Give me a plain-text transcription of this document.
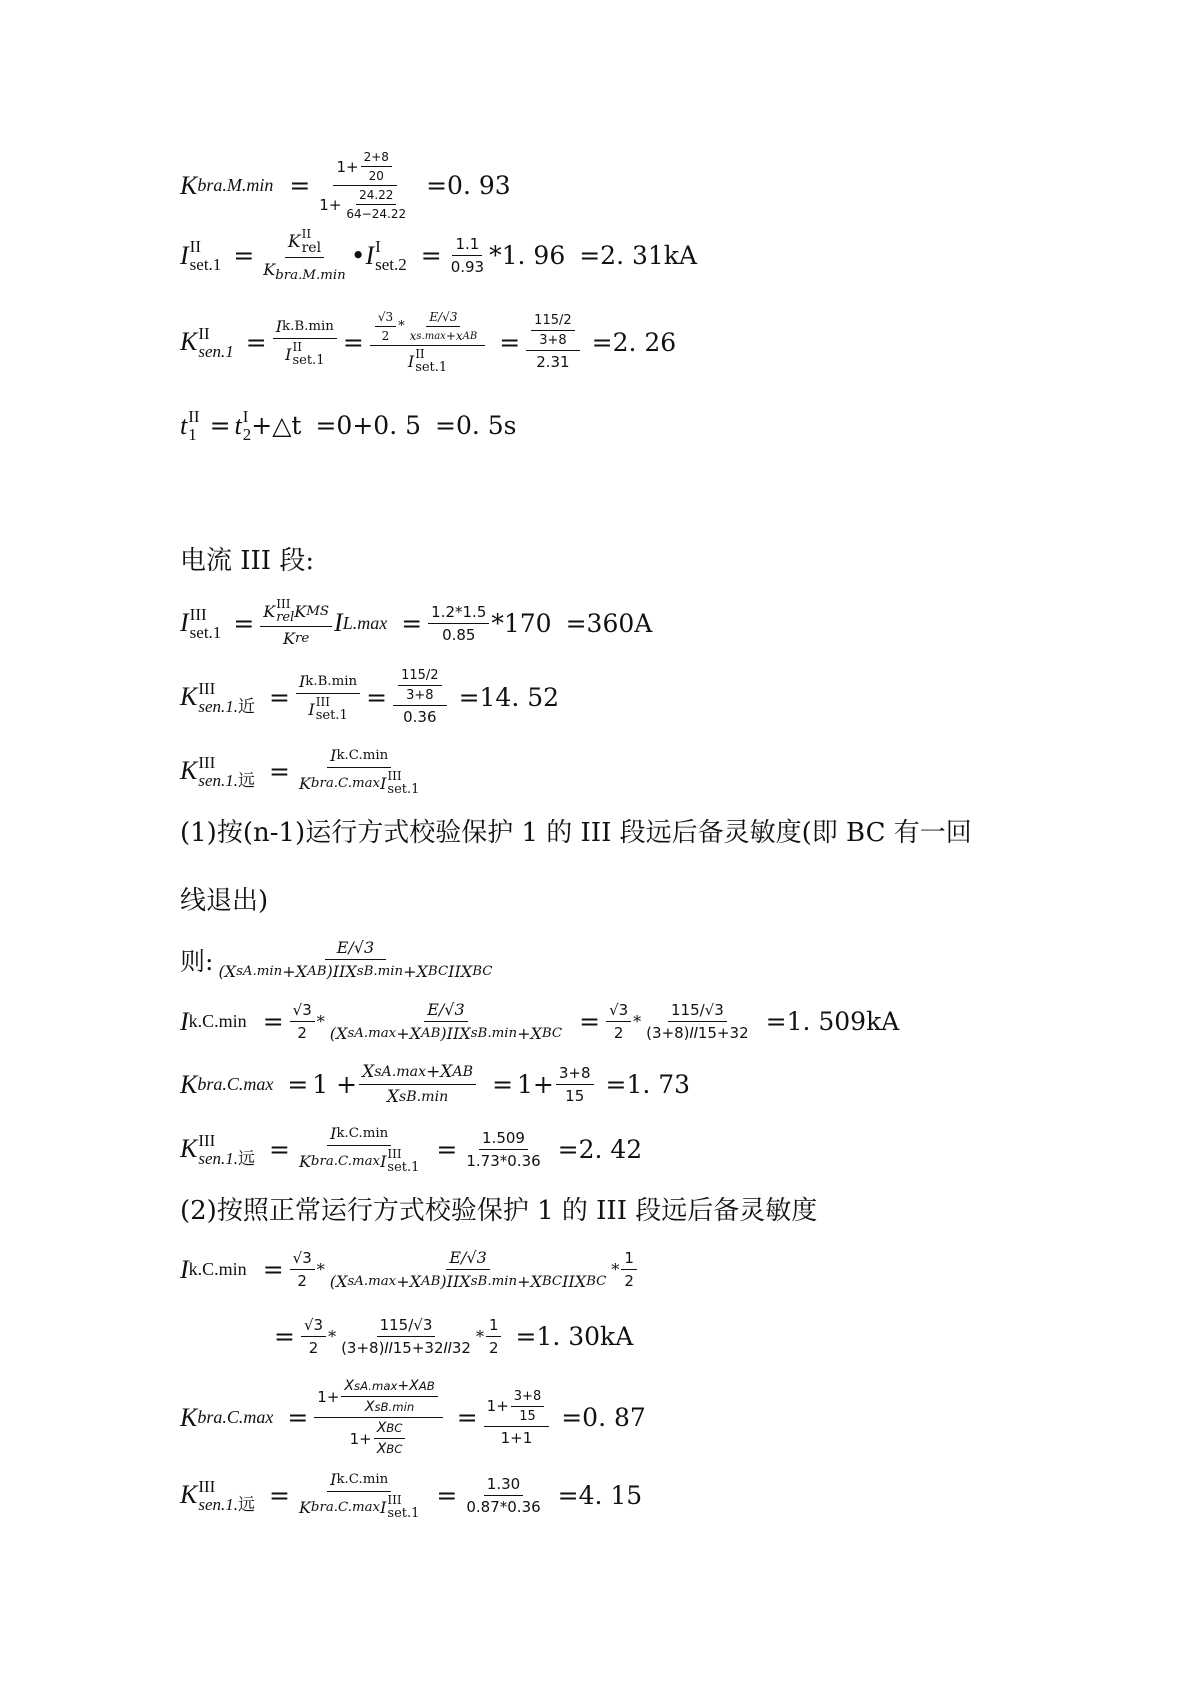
K $bra.M.\min = \frac{1+ \frac{2+8}{20}}{1+ \frac{24.22}{64-24.22}} =0$. 93
I II
set.1 = K II
rel
$K_{bra.M.min}$ • I I
$set.2 = \frac{1.1}{0.93} *1$. 96 =2. 31kA
K II
sen.1 = I k.B.min
I II
$set.1 = \frac{√3}{2} * \frac{E/√3}{\text{x s.max +x AB}}$
I II
$set.1 = \frac{\frac{115/2}{3+8}}{2.31} =2$. 26
t II
1 = t I
2 +△t =0+0. 5 =0. 5s
电流 III 段:
I III
set.1 = K III
rel K MS
K re I $L.\max = \frac{1.2*1.5}{0.85} *170 =360A$
K III
sen.1.近 = I k.B.min
I III
$set.1 = \frac{\frac{115/2}{3+8}}{0.36} =14$. 52
K III
sen.1.远 = I k.C.min
K bra.C.max I III
set.1
(1)按(n-1)运行方式校验保护 1 的 III 段远后备灵敏度(即 BC 有一回
线退出)
则: $\frac{E/√3}{\text{(X sA.min +X AB )IIX sB.min +X BC IIX BC}}$
I $k.C.\min = \frac{√3}{2} * \frac{E/√3}{\text{(X sA.max +X AB )IIX sB.min +X BC}} = \frac{√3}{2} * \frac{115/√3}{\text{(3+8)𝐼𝐼15+32}} =1$. 509kA
K $bra.C.\max = 1 + \frac{\text{X sA.max +X AB}}{\text{X sB.min}} = 1+ \frac{3+8}{15} =1$. 73
K III
sen.1.远 = I k.C.min
K bra.C.max I III
$set.1 = \frac{1.509}{1.73*0.36} =2$. 42
(2)按照正常运行方式校验保护 1 的 III 段远后备灵敏度
I $k.C.\min = \frac{√3}{2} * \frac{E/√3}{\text{(X sA.max +X AB )IIX sB.min +X BC IIX BC}} * \frac{1}{2}$
= $\frac{√3}{2} * \frac{115/√3}{\text{(3+8)𝐼𝐼15+32𝐼𝐼32}} * \frac{1}{2} =1$. 30kA
K $bra.C.\max = \frac{1+ \frac{\text{X sA.max +X AB}}{\text{X sB.min}}}{1+ \frac{\text{X BC}}{\text{X BC}}} = \frac{1+ \frac{3+8}{15}}{1+1} =0$. 87
K III
sen.1.远 = I k.C.min
K bra.C.max I III
$set.1 = \frac{1.30}{0.87*0.36} =4$. 15
